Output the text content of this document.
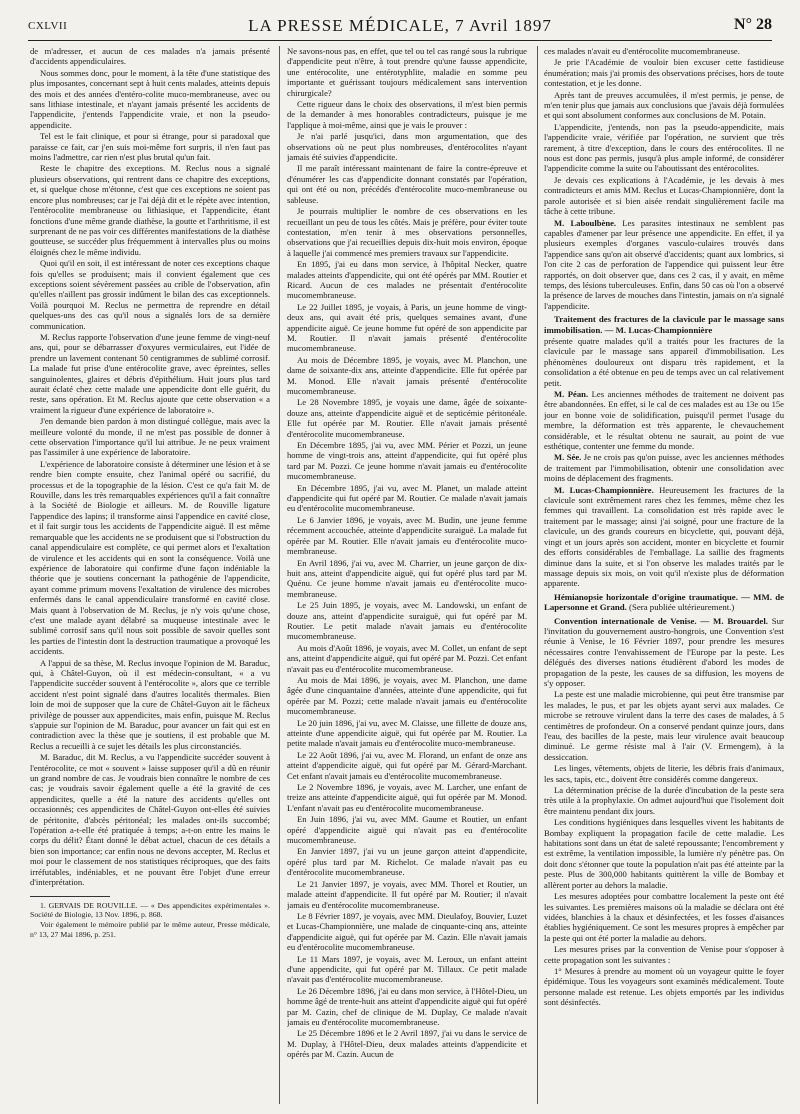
CXLVII	LA PRESSE MÉDICALE, 7 Avril 1897	N° 28

de m'adresser, et aucun de ces malades n'a jamais présenté d'accidents appendiculaires.

Nous sommes donc, pour le moment, à la tête d'une statistique des plus imposantes, concernant sept à huit cents malades, atteints depuis des mois et des années d'entéro-colite muco-membraneuse, avec ou sans lithiase intestinale, et n'ayant jamais présenté les accidents de l'appendicite, j'entends l'appendicite vraie, et non la pseudo-appendicite.

Tel est le fait clinique, et pour si étrange, pour si paradoxal que paraisse ce fait, car j'en suis moi-même fort surpris, il n'en faut pas moins l'admettre, car rien n'est plus brutal qu'un fait.

Reste le chapitre des exceptions. M. Reclus nous a signalé plusieurs observations, qui rentrent dans ce chapitre des exceptions, et, si quelque chose m'étonne, c'est que ces exceptions ne soient pas encore plus nombreuses; car je l'ai déjà dit et le répète avec intention, l'entérocolite membraneuse ou lithiasique, et l'appendicite, étant fonctions d'une même grande diathèse, la goutte et l'arthritisme, il est surprenant de ne pas voir ces différentes manifestations de la diathèse goutteuse, se succéder plus fréquemment à intervalles plus ou moins éloignés chez le même individu.

Quoi qu'il en soit, il est intéressant de noter ces exceptions chaque fois qu'elles se produisent; mais il convient également que ces exceptions soient sévèrement passées au crible de l'observation, afin qu'elles n'aillent pas grossir indûment le bilan des cas exceptionnels. Voilà pourquoi M. Reclus ne permettra de reprendre en détail quelques-uns des cas qu'il nous a signalés lors de sa dernière communication.

M. Reclus rapporte l'observation d'une jeune femme de vingt-neuf ans, qui, pour se débarrasser d'oxyures vermiculaires, eut l'idée de prendre un lavement contenant 50 centigrammes de sublimé corrosif. La malade fut prise d'une entérocolite grave, avec épreintes, selles sanguinolentes, glaires et débris d'épithélium. Huit jours plus tard aurait éclaté chez cette malade une appendicite dont elle guérit, du reste, sans opération. Et M. Reclus ajoute que cette observation « a vraiment la rigueur d'une expérience de laboratoire ».

J'en demande bien pardon à mon distingué collègue, mais avec la meilleure volonté du monde, il ne m'est pas possible de donner à cette observation l'importance qu'il lui attribue. Je ne peux vraiment pas l'assimiler à une expérience de laboratoire.

L'expérience de laboratoire consiste à déterminer une lésion et à se rendre bien compte ensuite, chez l'animal opéré ou sacrifié, du processus et de la topographie de la lésion. C'est ce qu'a fait M. de Rouville, dans les très remarquables expériences qu'il a fait connaître à la Société de Biologie et ailleurs. M. de Rouville ligature l'appendice des lapins; il transforme ainsi l'appendice en cavité close, et il fait surgir tous les accidents de l'appendicite aiguë. Il est même remarquable que les accidents ne se produisent que si l'obstruction du canal appendiculaire est complète, ce qui permet alors et l'exaltation de virulence et les accidents qui en sont la conséquence. Voilà une expérience de laboratoire qui confirme d'une façon indéniable la théorie que je soutiens concernant la pathogénie de l'appendicite, ayant comme primum movens l'exaltation de virulence des microbes enfermés dans le canal appendiculaire transformé en cavité close. Mais quant à l'observation de M. Reclus, je n'y vois qu'une chose, c'est une malade ayant délabré sa muqueuse intestinale avec le sublimé corrosif sans qu'il nous soit possible de savoir quelles sont les parties de l'intestin dont la destruction traumatique a provoqué les accidents.

A l'appui de sa thèse, M. Reclus invoque l'opinion de M. Baraduc, qui, à Châtel-Guyon, où il est médecin-consultant, « a vu l'appendicite succéder souvent à l'entérocolite », alors que ce terrible accident n'est point signalé dans d'autres localités thermales. Bien loin de moi de supposer que la cure de Châtel-Guyon ait le fâcheux privilège de pousser aux appendicites, mais enfin, puisque M. Reclus s'appuie sur l'opinion de M. Baraduc, pour avancer un fait qui est en contradiction avec la thèse que je soutiens, il est probable que M. Reclus a recueilli à ce sujet les détails les plus circonstanciés.

M. Baraduc, dit M. Reclus, a vu l'appendicite succéder souvent à l'entérocolite, ce mot « souvent » laisse supposer qu'il a dû en réunir un grand nombre de cas. Je voudrais bien connaître le nombre de ces cas; je voudrais savoir également quelle a été la gravité de ces appendicites, quelle a été la nature des accidents qu'elles ont occasionnés; ces appendicites de Châtel-Guyon ont-elles été suivies de péritonite, d'abcès péritonéal; les malades ont-ils succombé; l'opération a-t-elle été pratiquée à temps; a-t-on entre les mains le corps du délit? Étant donné le débat actuel, chacun de ces détails a bien son importance; car enfin nous ne devons accepter, M. Reclus et moi pour le classement de nos statistiques réciproques, que des faits irréfutables, indéniables, et ne pouvant être l'objet d'une erreur d'interprétation.

1. GERVAIS DE ROUVILLE. — « Des appendicites expérimentales ». Société de Biologie, 13 Nov. 1896, p. 868.

Voir également le mémoire publié par le même auteur, Presse médicale, n° 13, 27 Mai 1896, p. 251.

Ne savons-nous pas, en effet, que tel ou tel cas rangé sous la rubrique d'appendicite peut n'être, à tout prendre qu'une fausse appendicite, une entérocolite, une entérotyphlite, maladie en somme peu importante et guérissant toujours médicalement sans intervention chirurgicale?

Cette rigueur dans le choix des observations, il m'est bien permis de la demander à mes honorables contradicteurs, puisque je me l'applique à moi-même, ainsi que je vais le prouver :

Je n'ai parlé jusqu'ici, dans mon argumentation, que des observations où ne peut plus nombreuses, d'entérocolites n'ayant jamais été suivies d'appendicite.

Il me paraît intéressant maintenant de faire la contre-épreuve et d'énumérer les cas d'appendicite donnant constatés par l'opération, qui ont été ou non, précédés d'entérocolite muco-membraneuse ou sableuse.

Je pourrais multiplier le nombre de ces observations en les recueillant un peu de tous les côtés. Mais je préfère, pour éviter toute contestation, m'en tenir à mes observations personnelles, observations que j'ai recueillies depuis dix-huit mois environ, époque à laquelle j'ai commencé mes premiers travaux sur l'appendicite.

En 1895, j'ai eu dans mon service, à l'hôpital Necker, quatre malades atteints d'appendicite, qui ont été opérés par MM. Routier et Ricard. Aucun de ces malades ne présentait d'entérocolite mucomembraneuse.

Le 22 Juillet 1895, je voyais, à Paris, un jeune homme de vingt-deux ans, qui avait été pris, quelques semaines avant, d'une appendicite aiguë. Ce jeune homme fut opéré de son appendicite par M. Routier. Il n'avait jamais présenté d'entérocolite mucomembraneuse.

Au mois de Décembre 1895, je voyais, avec M. Planchon, une dame de soixante-dix ans, atteinte d'appendicite. Elle fut opérée par M. Monod. Elle n'avait jamais présenté d'entérocolite mucomembraneuse.

Le 28 Novembre 1895, je voyais une dame, âgée de soixante-douze ans, atteinte d'appendicite aiguë et de septicémie péritonéale. Elle fut opérée par M. Routier. Elle n'avait jamais présenté d'entérocolite mucomembraneuse.

En Décembre 1895, j'ai vu, avec MM. Périer et Pozzi, un jeune homme de vingt-trois ans, atteint d'appendicite, qui fut opéré plus tard par M. Pozzi. Ce jeune homme n'avait jamais eu d'entérocolite mucomembraneuse.

En Décembre 1895, j'ai vu, avec M. Planet, un malade atteint d'appendicite qui fut opéré par M. Routier. Ce malade n'avait jamais eu d'entérocolite mucomembraneuse.

Le 6 Janvier 1896, je voyais, avec M. Budin, une jeune femme récemment accouchée, atteinte d'appendicite suraiguë. La malade fut opérée par M. Routier. Elle n'avait jamais eu d'entérocolite muco-membraneuse.

En Avril 1896, j'ai vu, avec M. Charrier, un jeune garçon de dix-huit ans, atteint d'appendicite aiguë, qui fut opéré plus tard par M. Quénu. Ce jeune homme n'avait jamais eu d'entérocolite muco-membraneuse.

Le 25 Juin 1895, je voyais, avec M. Landowski, un enfant de douze ans, atteint d'appendicite suraiguë, qui fut opéré par M. Routier. Le petit malade n'avait jamais eu d'entérocolite mucomembraneuse.

Au mois d'Août 1896, je voyais, avec M. Collet, un enfant de sept ans, atteint d'appendicite aiguë, qui fut opéré par M. Pozzi. Cet enfant n'avait pas eu d'entérocolite mucomembraneuse.

Au mois de Mai 1896, je voyais, avec M. Planchon, une dame âgée d'une cinquantaine d'années, atteinte d'une appendicite, qui fut opérée par M. Pozzi; cette malade n'avait jamais eu d'entérocolite mucomembraneuse.

Le 20 juin 1896, j'ai vu, avec M. Claisse, une fillette de douze ans, atteinte d'une appendicite aiguë, qui fut opérée par M. Routier. La petite malade n'avait jamais eu d'entérocolite muco-membraneuse.

Le 22 Août 1896, j'ai vu, avec M. Florand, un enfant de onze ans atteint d'appendicite aiguë, qui fut opéré par M. Gérard-Marchant. Cet enfant n'avait jamais eu d'entérocolite mucomembraneuse.

Le 2 Novembre 1896, je voyais, avec M. Larcher, une enfant de treize ans atteinte d'appendicite aiguë, qui fut opérée par M. Monod. L'enfant n'avait pas eu d'entérocolite mucomembraneuse.

En Juin 1896, j'ai vu, avec MM. Gaume et Routier, un enfant opéré d'appendicite aiguë qui n'avait pas eu d'entérocolite mucomembraneuse.

En Janvier 1897, j'ai vu un jeune garçon atteint d'appendicite, opéré plus tard par M. Richelot. Ce malade n'avait pas eu d'entérocolite mucomembraneuse.

Le 21 Janvier 1897, je voyais, avec MM. Thorel et Routier, un malade atteint d'appendicite. Il fut opéré par M. Routier; il n'avait jamais eu d'entérocolite mucomembraneuse.

Le 8 Février 1897, je voyais, avec MM. Dieulafoy, Bouvier, Luzet et Lucas-Championnière, une malade de cinquante-cinq ans, atteinte d'appendicite aiguë, qui fut opérée par M. Cazin. Elle n'avait jamais eu d'entérocolite mucomembraneuse.

Le 11 Mars 1897, je voyais, avec M. Leroux, un enfant atteint d'une appendicite, qui fut opéré par M. Tillaux. Ce petit malade n'avait pas d'entérocolite mucomembraneuse.

Le 26 Décembre 1896, j'ai eu dans mon service, à l'Hôtel-Dieu, un homme âgé de trente-huit ans atteint d'appendicite aiguë qui fut opéré par M. Cazin, chef de clinique de M. Duplay, Ce malade n'avait jamais eu d'entérocolite mucomembraneuse.

Le 25 Décembre 1896 et le 2 Avril 1897, j'ai vu dans le service de M. Duplay, à l'Hôtel-Dieu, deux malades atteints d'appendicite et opérés par M. Cazin. Aucun de

ces malades n'avait eu d'entérocolite mucomembraneuse.

Je prie l'Académie de vouloir bien excuser cette fastidieuse énumération; mais j'ai promis des observations précises, hors de toute contestation, et je les donne.

Après tant de preuves accumulées, il m'est permis, je pense, de m'en tenir plus que jamais aux conclusions que j'avais déjà formulées et qui sont absolument conformes aux conclusions de M. Potain.

L'appendicite, j'entends, non pas la pseudo-appendicite, mais l'appendicite vraie, vérifiée par l'opération, ne survient que très rarement, à titre d'exception, dans le cours des entérocolites. Il ne nous est donc pas permis, jusqu'à plus ample informé, de considérer l'appendicite comme la suite ou l'aboutissant des entérocolites.

Je devais ces explications à l'Académie, je les devais à mes contradicteurs et amis MM. Reclus et Lucas-Championnière, dont la parole autorisée et si bien aisée rendait singulièrement facile ma tâche à cette tribune.

M. Laboulbène. Les parasites intestinaux ne semblent pas capables d'amener par leur présence une appendicite. En effet, il ya plusieurs exemples d'organes vasculo-culaires trouvés dans l'appendice sans qu'on ait observé d'accidents; quant aux lombrics, si l'on cite 2 cas de perforation de l'appendice qui puissent leur être rapportés, on doit observer que, dans ces 2 cas, il y avait, en même temps, des lésions tuberculeuses. Enfin, dans 50 cas où l'on a observé la présence de larves de mouches dans l'intestin, jamais on n'a signalé l'appendicite.

Traitement des fractures de la clavicule par le massage sans immobilisation. — M. Lucas-Championnière

présente quatre malades qu'il a traités pour les fractures de la clavicule par le massage sans appareil d'immobilisation. Les phénomènes douloureux ont disparu très rapidement, et la consolidation a été obtenue en peu de temps avec un cal relativement petit.

M. Péan. Les anciennes méthodes de traitement ne doivent pas être abandonnées. En effet, si le cal de ces malades est au 13e ou 15e jour en bonne voie de solidification, puisqu'il permet l'usage du membre, la déformation est très apparente, le chevauchement considérable, et le résultat obtenu ne saurait, au point de vue esthétique, contenter une femme du monde.

M. Sée. Je ne crois pas qu'on puisse, avec les anciennes méthodes de traitement par l'immobilisation, obtenir une consolidation avec moins de déplacement des fragments.

M. Lucas-Championnière. Heureusement les fractures de la clavicule sont extrêmement rares chez les femmes, même chez les femmes qui travaillent. La consolidation est très rapide avec le traitement par le massage; ainsi j'ai soigné, pour une fracture de la clavicule, un des grands coureurs en bicyclette, qui, pouvant déjà, vingt et un jours après son accident, monter en bicyclette et fournir des efforts considérables de l'emballage. La saillie des fragments diminue dans la suite, et si l'on observe les malades traités par le massage depuis six mois, on voit qu'il n'existe plus de déformation apparente.

Hémianopsie horizontale d'origine traumatique. — MM. de Lapersonne et Grand. (Sera publiée ultérieurement.)
Convention internationale de Venise. — M. Brouardel. Sur l'invitation du gouvernement austro-hongrois, une Convention s'est réunie à Venise, le 16 Février 1897, pour prendre les mesures nécessaires contre l'envahissement de l'Europe par la peste. Les délégués des diverses nations étudièrent d'abord les modes de propagation de la peste, les causes de sa diffusion, les moyens de s'y opposer.

La peste est une maladie microbienne, qui peut être transmise par les malades, le pus, et par les objets ayant servi aux malades. Ce microbe se retrouve virulent dans la terre des cases de malades, à 5 centimètres de profondeur. On a conservé pendant quinze jours, dans l'eau, des bacilles de la peste, mais leur virulence avait beaucoup diminué. Le germe résiste mal à l'air (V. Ermengem), à la dessiccation.

Les linges, vêtements, objets de literie, les débris frais d'animaux, les sacs, tapis, etc., doivent être considérés comme dangereux.

La détermination précise de la durée d'incubation de la peste sera très utile à la prophylaxie. On admet aujourd'hui que l'isolement doit être maintenu pendant dix jours.

Les conditions hygiéniques dans lesquelles vivent les habitants de Bombay expliquent la propagation facile de cette maladie. Les habitations sont dans un état de saleté repoussante; l'encombrement y est extrême, la ventilation impossible, la lumière n'y pénètre pas. On doit donc s'étonner que toute la population n'ait pas été atteinte par la peste. Plus de 300,000 habitants quittèrent la ville de Bombay et allèrent porter au dehors la maladie.

Les mesures adoptées pour combattre localement la peste ont été les suivantes. Les premières maisons où la maladie se déclara ont été vidées, blanchies à la chaux et désinfectées, et les fosses d'aisances établies hygiéniquement. Ce sont les mesures propres à empêcher par la peste qui ont été porter la maladie au dehors.

Les mesures prises par la convention de Venise pour s'opposer à cette propagation sont les suivantes :

1° Mesures à prendre au moment où un voyageur quitte le foyer épidémique. Tous les voyageurs sont examinés médicalement. Toute personne malade est retenue. Les objets emportés par les individus sont désinfectés.
